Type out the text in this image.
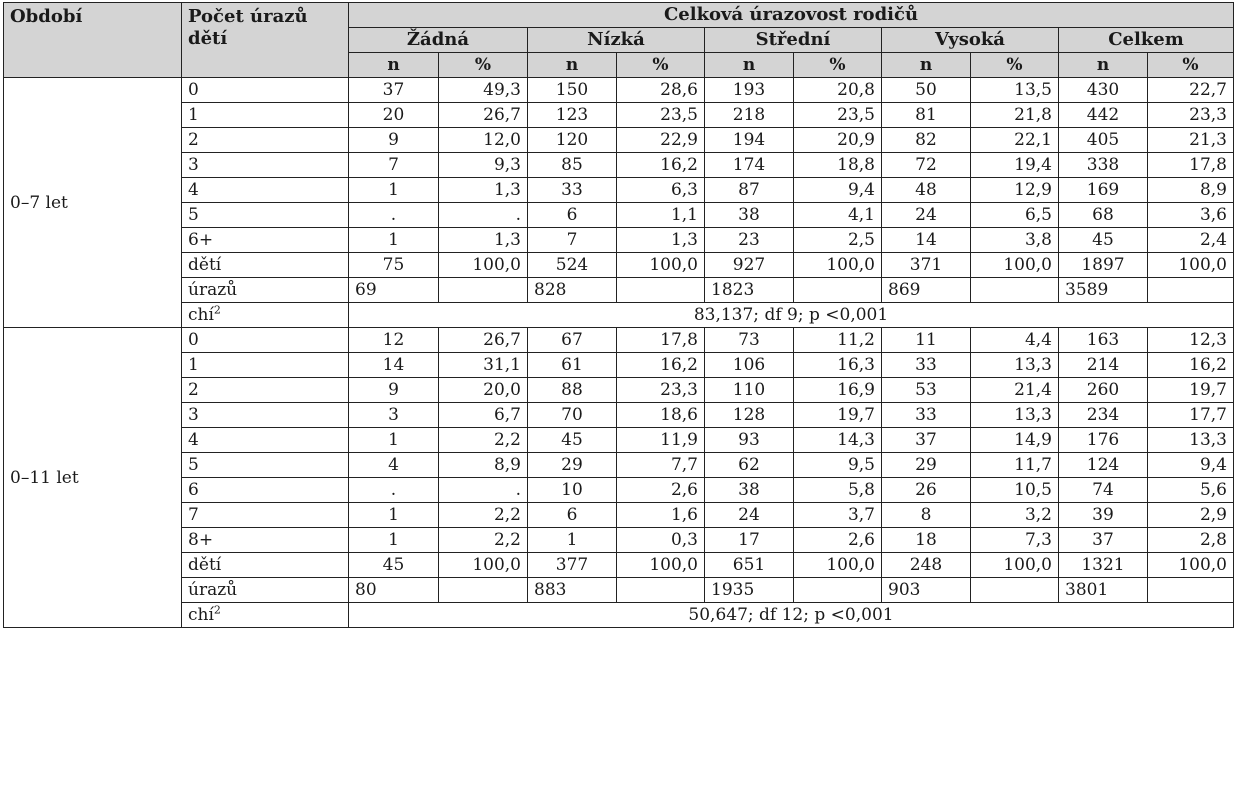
Období	Počet úrazů dětí	Celková úrazovost rodičů									
		Žádná		Nízká		Střední		Vysoká		Celkem	
		n	%	n	%	n	%	n	%	n	%
0–7 let	0	37	49,3	150	28,6	193	20,8	50	13,5	430	22,7
	1	20	26,7	123	23,5	218	23,5	81	21,8	442	23,3
	2	9	12,0	120	22,9	194	20,9	82	22,1	405	21,3
	3	7	9,3	85	16,2	174	18,8	72	19,4	338	17,8
	4	1	1,3	33	6,3	87	9,4	48	12,9	169	8,9
	5	.	.	6	1,1	38	4,1	24	6,5	68	3,6
	6+	1	1,3	7	1,3	23	2,5	14	3,8	45	2,4
	dětí	75	100,0	524	100,0	927	100,0	371	100,0	1897	100,0
	úrazů	69		828		1823		869		3589	
	chí$^2$	83,137; df 9; p <0,001									
0–11 let	0	12	26,7	67	17,8	73	11,2	11	4,4	163	12,3
	1	14	31,1	61	16,2	106	16,3	33	13,3	214	16,2
	2	9	20,0	88	23,3	110	16,9	53	21,4	260	19,7
	3	3	6,7	70	18,6	128	19,7	33	13,3	234	17,7
	4	1	2,2	45	11,9	93	14,3	37	14,9	176	13,3
	5	4	8,9	29	7,7	62	9,5	29	11,7	124	9,4
	6	.	.	10	2,6	38	5,8	26	10,5	74	5,6
	7	1	2,2	6	1,6	24	3,7	8	3,2	39	2,9
	8+	1	2,2	1	0,3	17	2,6	18	7,3	37	2,8
	dětí	45	100,0	377	100,0	651	100,0	248	100,0	1321	100,0
	úrazů	80		883		1935		903		3801	
	chí$^2$	50,647; df 12; p <0,001									
